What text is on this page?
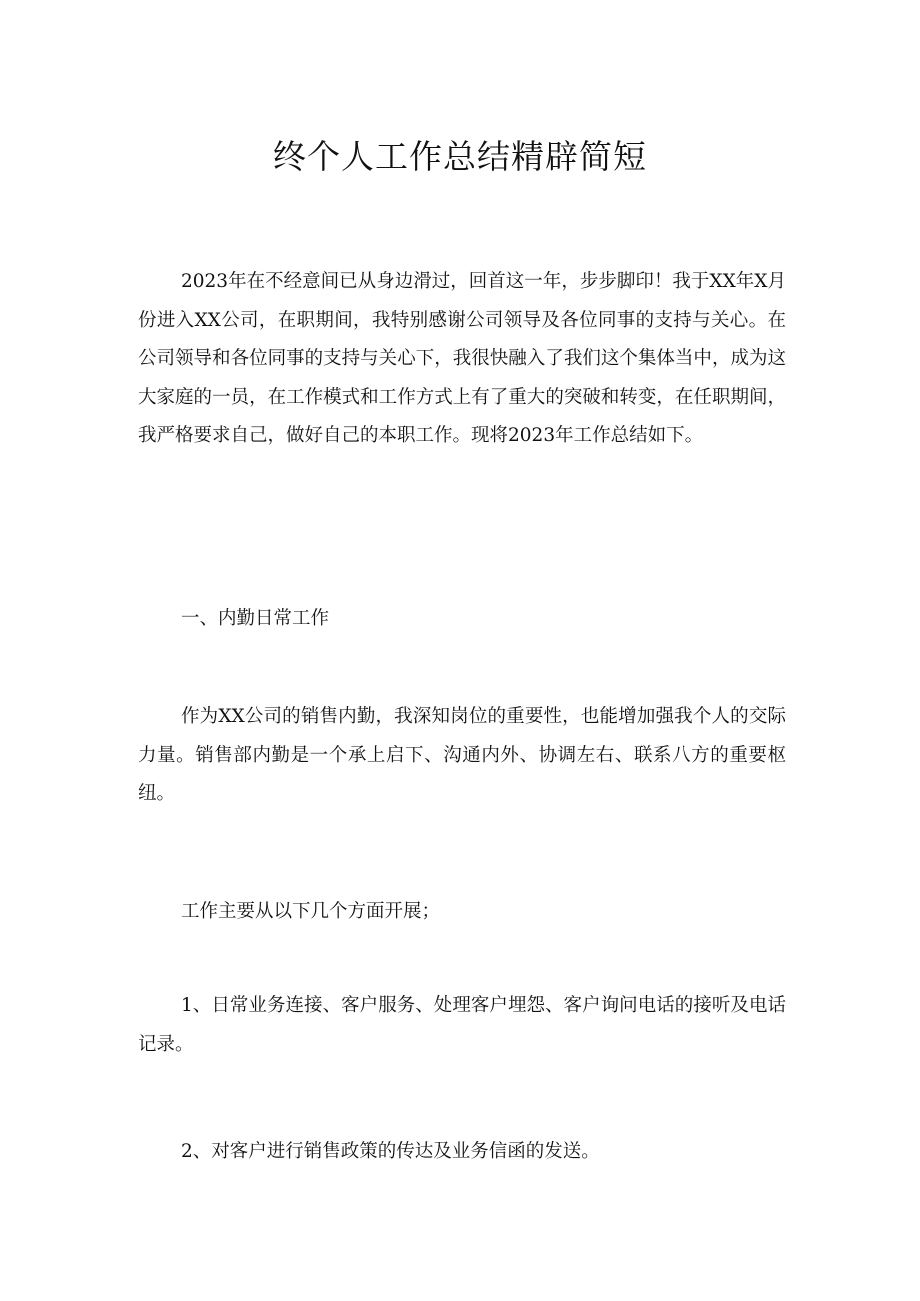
终个人工作总结精辟简短

2023年在不经意间已从身边滑过，回首这一年，步步脚印！我于XX年X月份进入XX公司，在职期间，我特别感谢公司领导及各位同事的支持与关心。在公司领导和各位同事的支持与关心下，我很快融入了我们这个集体当中，成为这大家庭的一员，在工作模式和工作方式上有了重大的突破和转变，在任职期间，我严格要求自己，做好自己的本职工作。现将2023年工作总结如下。

一、内勤日常工作

作为XX公司的销售内勤，我深知岗位的重要性，也能增加强我个人的交际力量。销售部内勤是一个承上启下、沟通内外、协调左右、联系八方的重要枢纽。

工作主要从以下几个方面开展；

1、日常业务连接、客户服务、处理客户埋怨、客户询问电话的接听及电话记录。

2、对客户进行销售政策的传达及业务信函的发送。
